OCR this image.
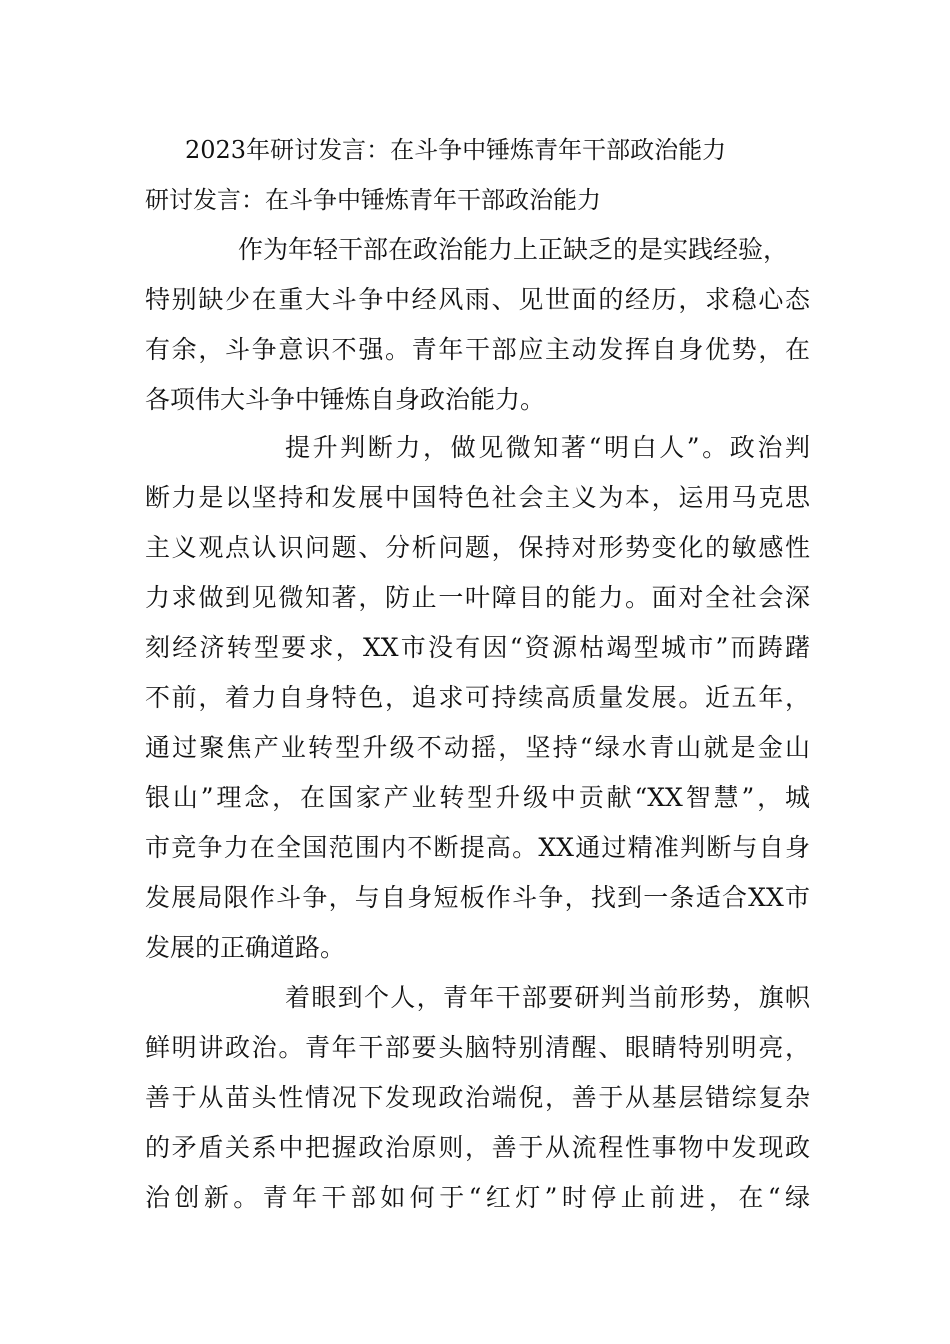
2023年研讨发言：在斗争中锤炼青年干部政治能力
研讨发言：在斗争中锤炼青年干部政治能力
作为年轻干部在政治能力上正缺乏的是实践经验，
特别缺少在重大斗争中经风雨、见世面的经历，求稳心态
有余，斗争意识不强。青年干部应主动发挥自身优势，在
各项伟大斗争中锤炼自身政治能力。
提升判断力，做见微知著“明白人”。政治判
断力是以坚持和发展中国特色社会主义为本，运用马克思
主义观点认识问题、分析问题，保持对形势变化的敏感性
力求做到见微知著，防止一叶障目的能力。面对全社会深
刻经济转型要求，XX市没有因“资源枯竭型城市”而踌躇
不前，着力自身特色，追求可持续高质量发展。近五年，
通过聚焦产业转型升级不动摇，坚持“绿水青山就是金山
银山”理念，在国家产业转型升级中贡献“XX智慧”，城
市竞争力在全国范围内不断提高。XX通过精准判断与自身
发展局限作斗争，与自身短板作斗争，找到一条适合XX市
发展的正确道路。
着眼到个人，青年干部要研判当前形势，旗帜
鲜明讲政治。青年干部要头脑特别清醒、眼睛特别明亮，
善于从苗头性情况下发现政治端倪，善于从基层错综复杂
的矛盾关系中把握政治原则，善于从流程性事物中发现政
治创新。青年干部如何于“红灯”时停止前进，在“绿
